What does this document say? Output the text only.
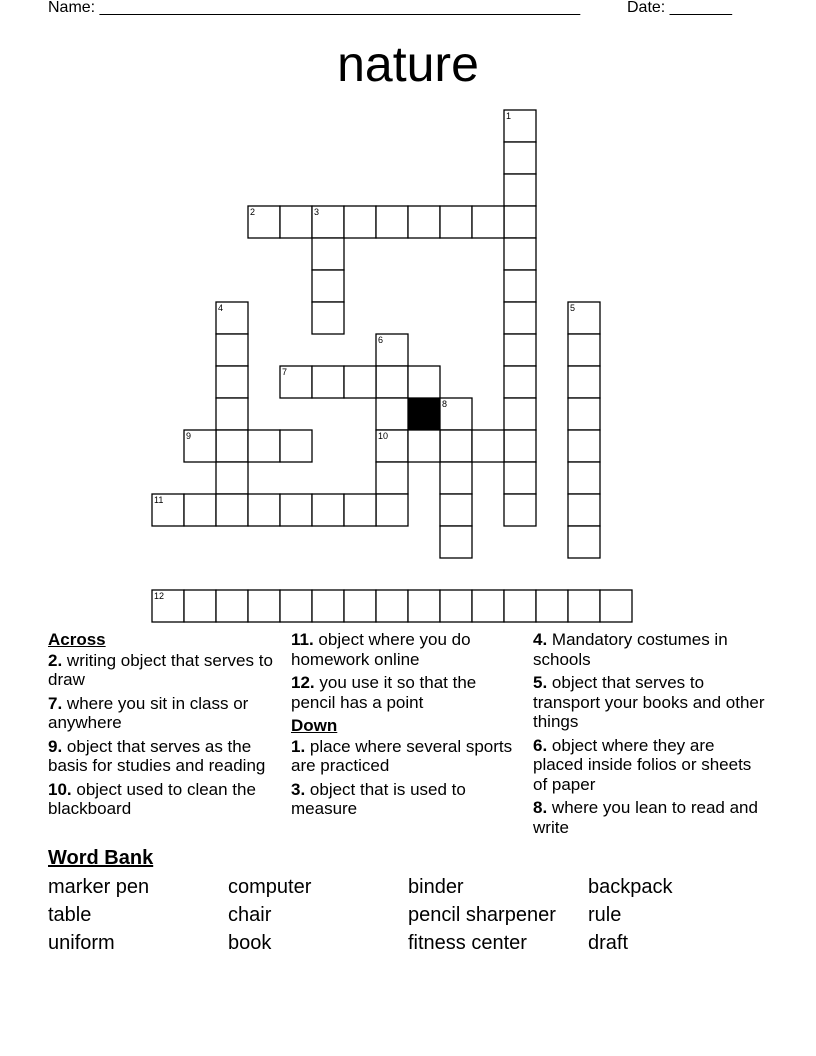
Name: ______________________________________________________	Date: _______
nature
1
2	3
4	5
6
7
8
9	10
11
12
Across
2. writing object that serves to draw
7. where you sit in class or anywhere
9. object that serves as the basis for studies and reading
10. object used to clean the blackboard
11. object where you do homework online
12. you use it so that the pencil has a point
Down
1. place where several sports are practiced
3. object that is used to measure
4. Mandatory costumes in schools
5. object that serves to transport your books and other things
6. object where they are placed inside folios or sheets of paper
8. where you lean to read and write
Word Bank
marker pen	computer	binder	backpack
table	chair	pencil sharpener	rule
uniform	book	fitness center	draft
